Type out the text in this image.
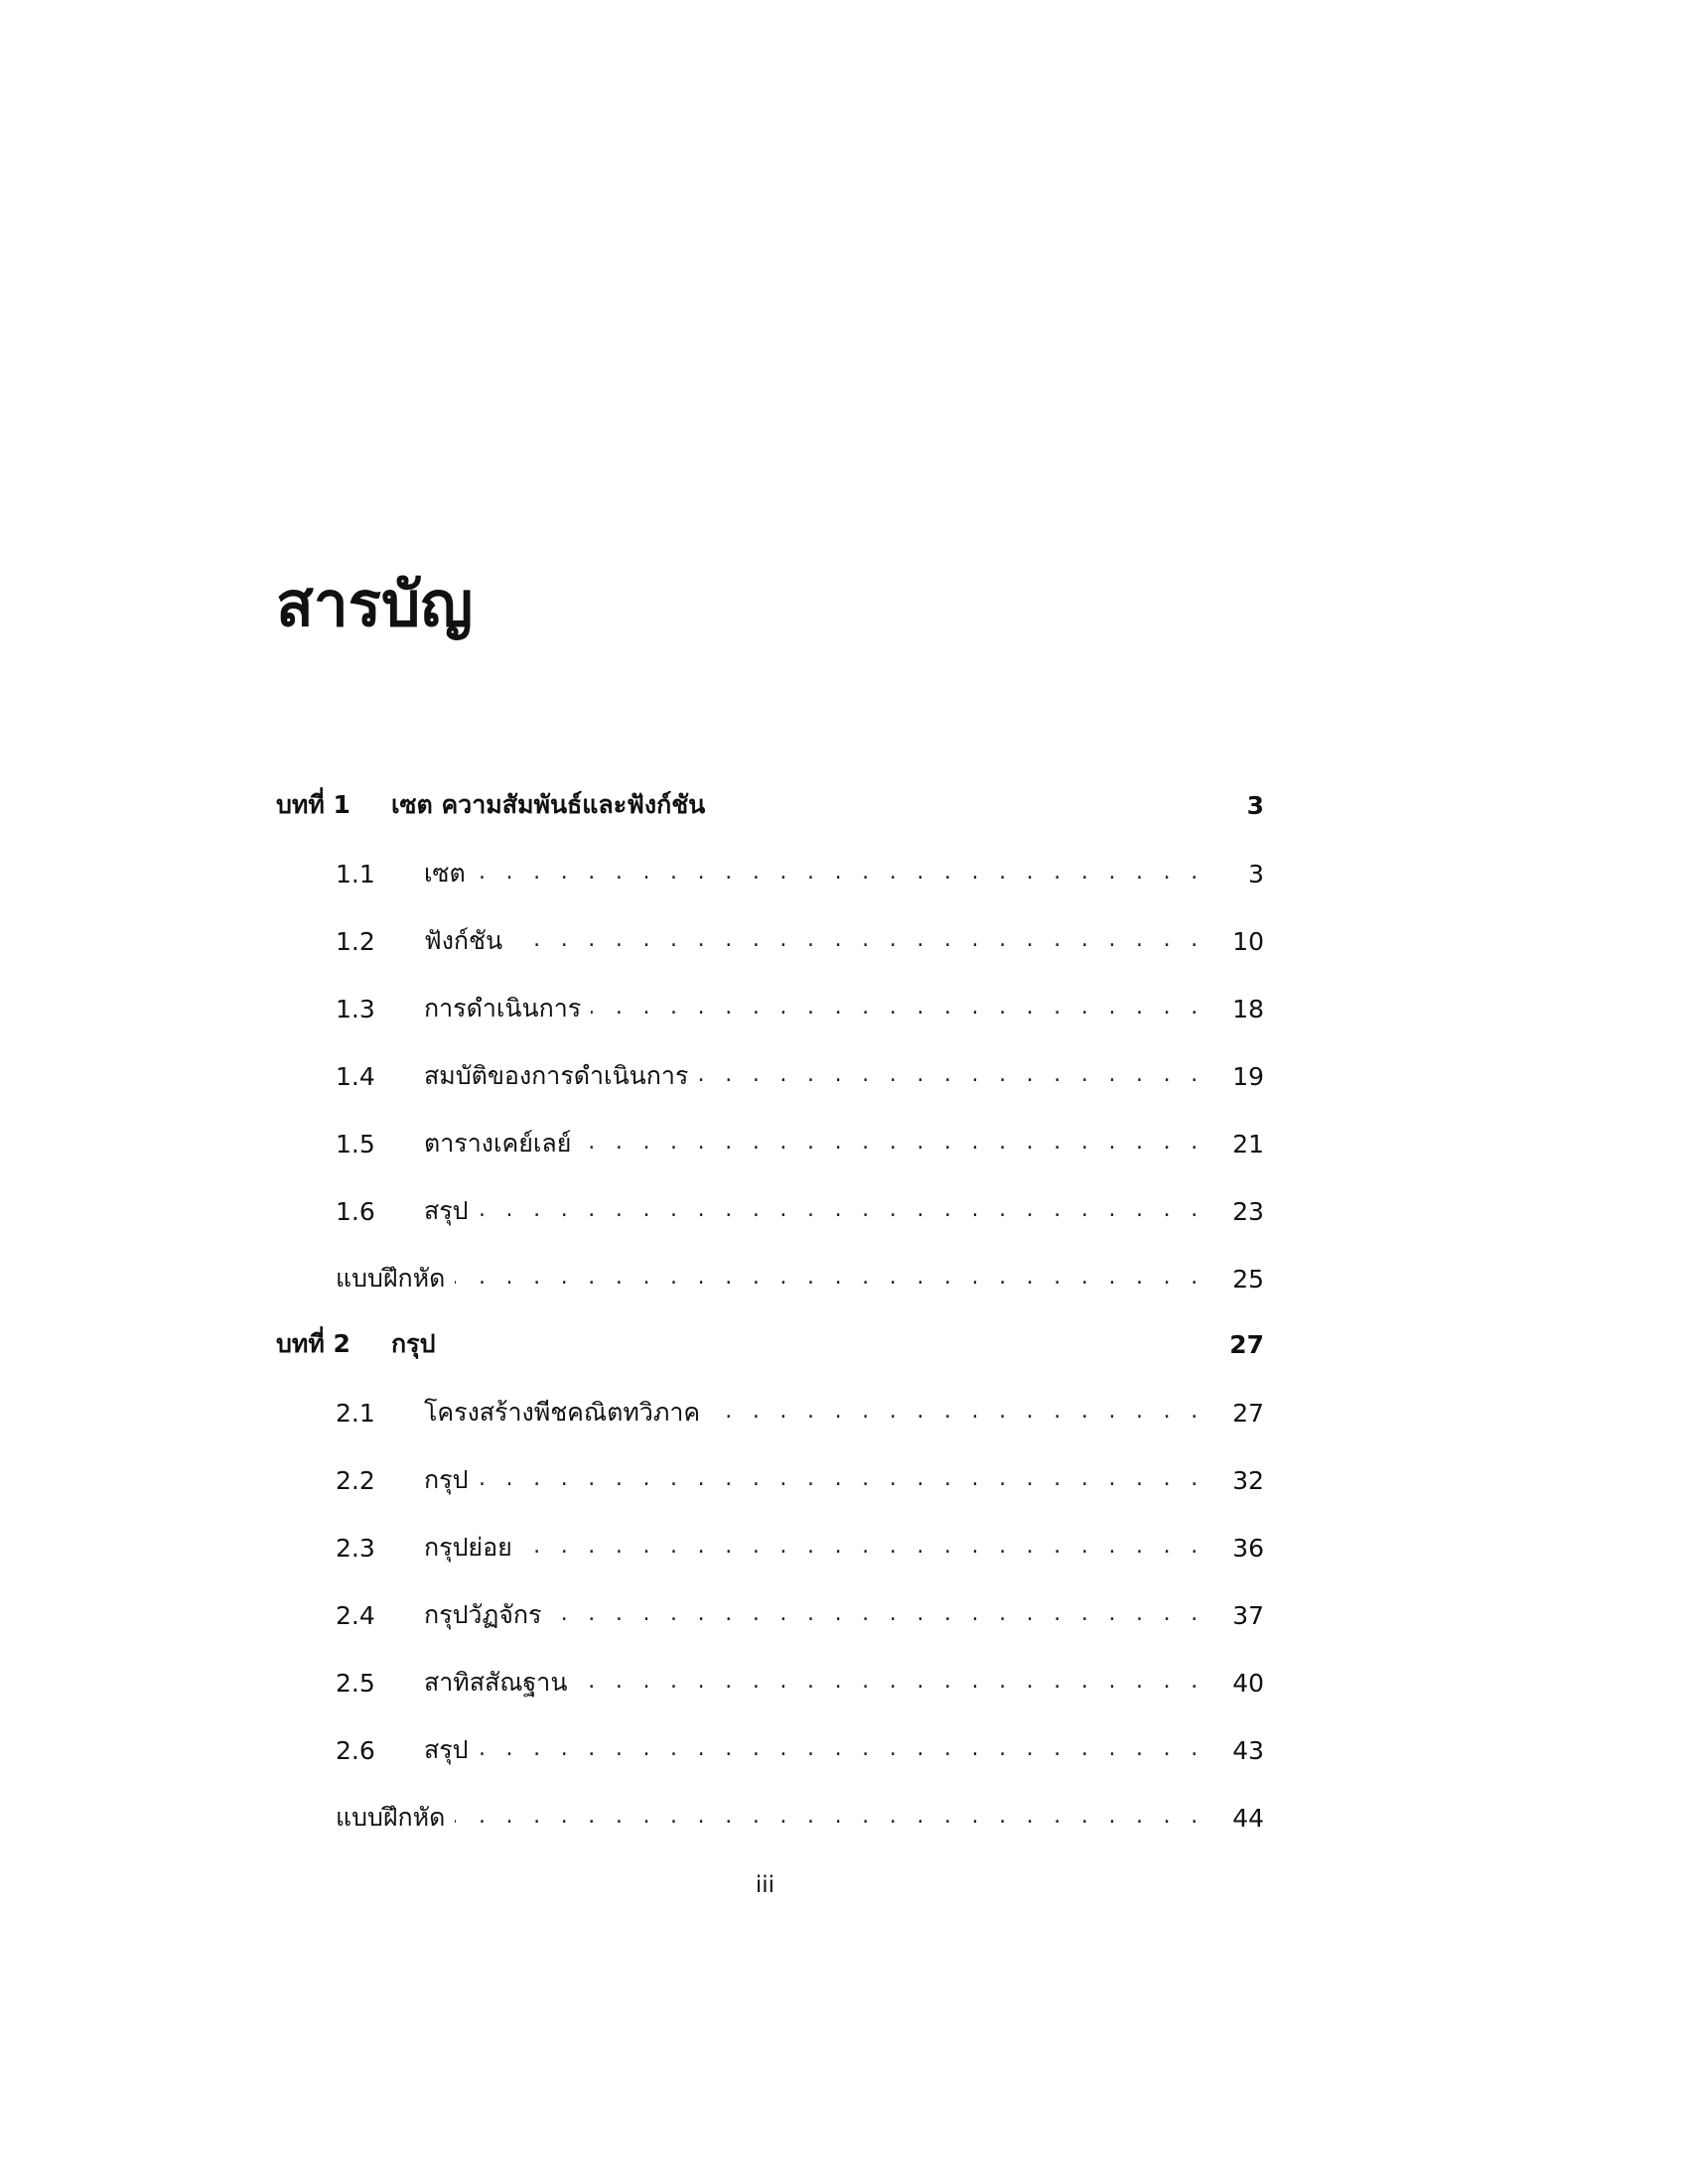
สารบัญ
บทที่ 1	เซต ความสัมพันธ์และฟังก์ชัน	3
1.1	เซต . . .	3
1.2	ฟังก์ชัน . . .	10
1.3	การดำเนินการ . . .	18
1.4	สมบัติของการดำเนินการ . . .	19
1.5	ตารางเคย์เลย์ . . .	21
1.6	สรุป . . .	23
แบบฝึกหัด . . .	25
บทที่ 2	กรุป	27
2.1	โครงสร้างพีชคณิตทวิภาค . . .	27
2.2	กรุป . . .	32
2.3	กรุปย่อย . . .	36
2.4	กรุปวัฏจักร . . .	37
2.5	สาทิสสัณฐาน . . .	40
2.6	สรุป . . .	43
แบบฝึกหัด . . .	44
iii
